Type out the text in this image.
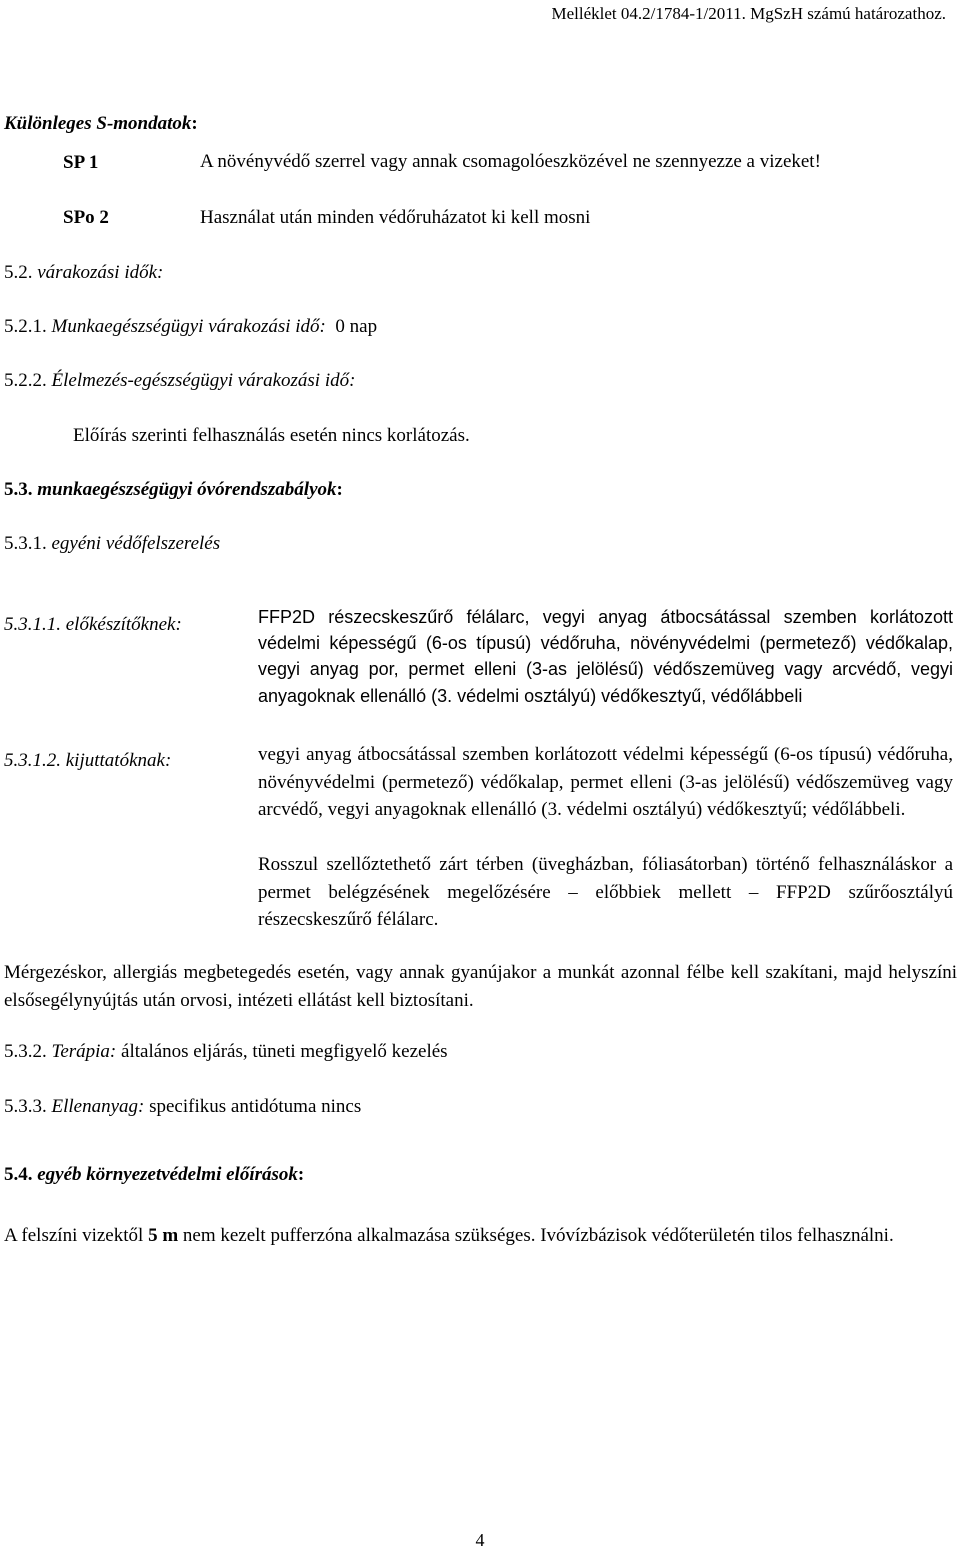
Melléklet 04.2/1784-1/2011. MgSzH számú határozathoz.
Különleges S-mondatok:
SP 1	A növényvédő szerrel vagy annak csomagolóeszközével ne szennyezze a vizeket!
SPo 2	Használat után minden védőruházatot ki kell mosni
5.2. várakozási idők:
5.2.1. Munkaegészségügyi várakozási idő: 0 nap
5.2.2. Élelmezés-egészségügyi várakozási idő:
Előírás szerinti felhasználás esetén nincs korlátozás.
5.3. munkaegészségügyi óvórendszabályok:
5.3.1. egyéni védőfelszerelés
5.3.1.1. előkészítőknek:	FFP2D részecskeszűrő félálarc, vegyi anyag átbocsátással szemben korlátozott védelmi képességű (6-os típusú) védőruha, növényvédelmi (permetező) védőkalap, vegyi anyag por, permet elleni (3-as jelölésű) védőszemüveg vagy arcvédő, vegyi anyagoknak ellenálló (3. védelmi osztályú) védőkesztyű, védőlábbeli
5.3.1.2. kijuttatóknak:	vegyi anyag átbocsátással szemben korlátozott védelmi képességű (6-os típusú) védőruha, növényvédelmi (permetező) védőkalap, permet elleni (3-as jelölésű) védőszemüveg vagy arcvédő, vegyi anyagoknak ellenálló (3. védelmi osztályú) védőkesztyű; védőlábbeli.
Rosszul szellőztethető zárt térben (üvegházban, fóliasátorban) történő felhasználáskor a permet belégzésének megelőzésére – előbbiek mellett – FFP2D szűrőosztályú részecskeszűrő félálarc.
Mérgezéskor, allergiás megbetegedés esetén, vagy annak gyanújakor a munkát azonnal félbe kell szakítani, majd helyszíni elsősegélynyújtás után orvosi, intézeti ellátást kell biztosítani.
5.3.2. Terápia: általános eljárás, tüneti megfigyelő kezelés
5.3.3. Ellenanyag: specifikus antidótuma nincs
5.4. egyéb környezetvédelmi előírások:
A felszíni vizektől 5 m nem kezelt pufferzóna alkalmazása szükséges. Ivóvízbázisok védőterületén tilos felhasználni.
4
